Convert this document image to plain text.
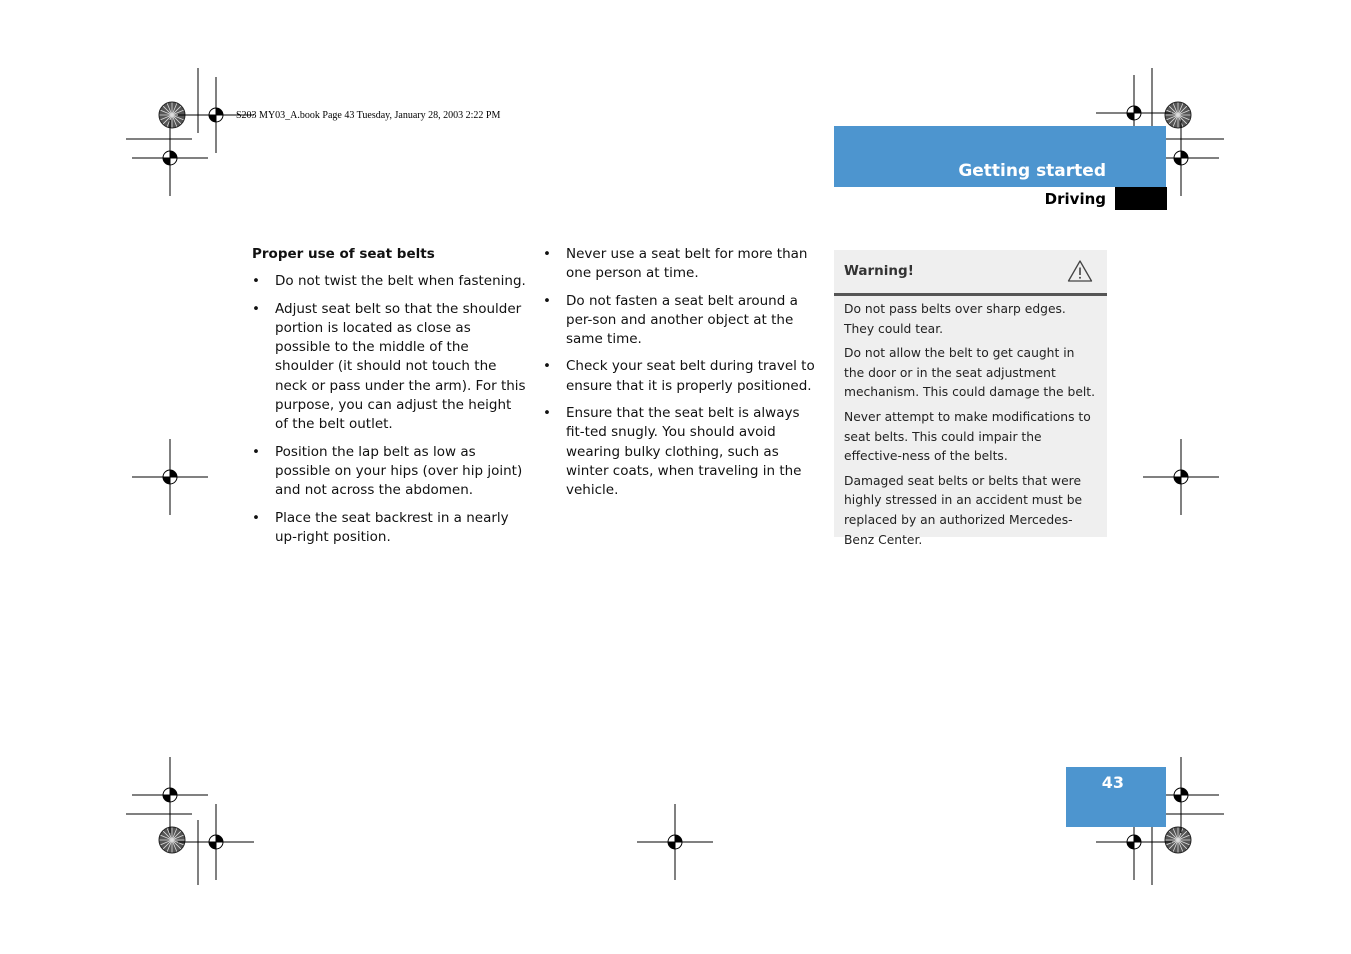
S203 MY03_A.book Page 43 Tuesday, January 28, 2003 2:22 PM
Getting started
Driving
Proper use of seat belts
• Do not twist the belt when fastening.
• Adjust seat belt so that the shoulder portion is located as close as possible to the middle of the shoulder (it should not touch the neck or pass under the arm). For this purpose, you can adjust the height of the belt outlet.
• Position the lap belt as low as possible on your hips (over hip joint) and not across the abdomen.
• Place the seat backrest in a nearly up-right position.
• Never use a seat belt for more than one person at time.
• Do not fasten a seat belt around a per-son and another object at the same time.
• Check your seat belt during travel to ensure that it is properly positioned.
• Ensure that the seat belt is always fit-ted snugly. You should avoid wearing bulky clothing, such as winter coats, when traveling in the vehicle.
Warning!

Do not pass belts over sharp edges. They could tear.

Do not allow the belt to get caught in the door or in the seat adjustment mechanism. This could damage the belt.

Never attempt to make modifications to seat belts. This could impair the effective-ness of the belts.

Damaged seat belts or belts that were highly stressed in an accident must be replaced by an authorized Mercedes-Benz Center.

43
